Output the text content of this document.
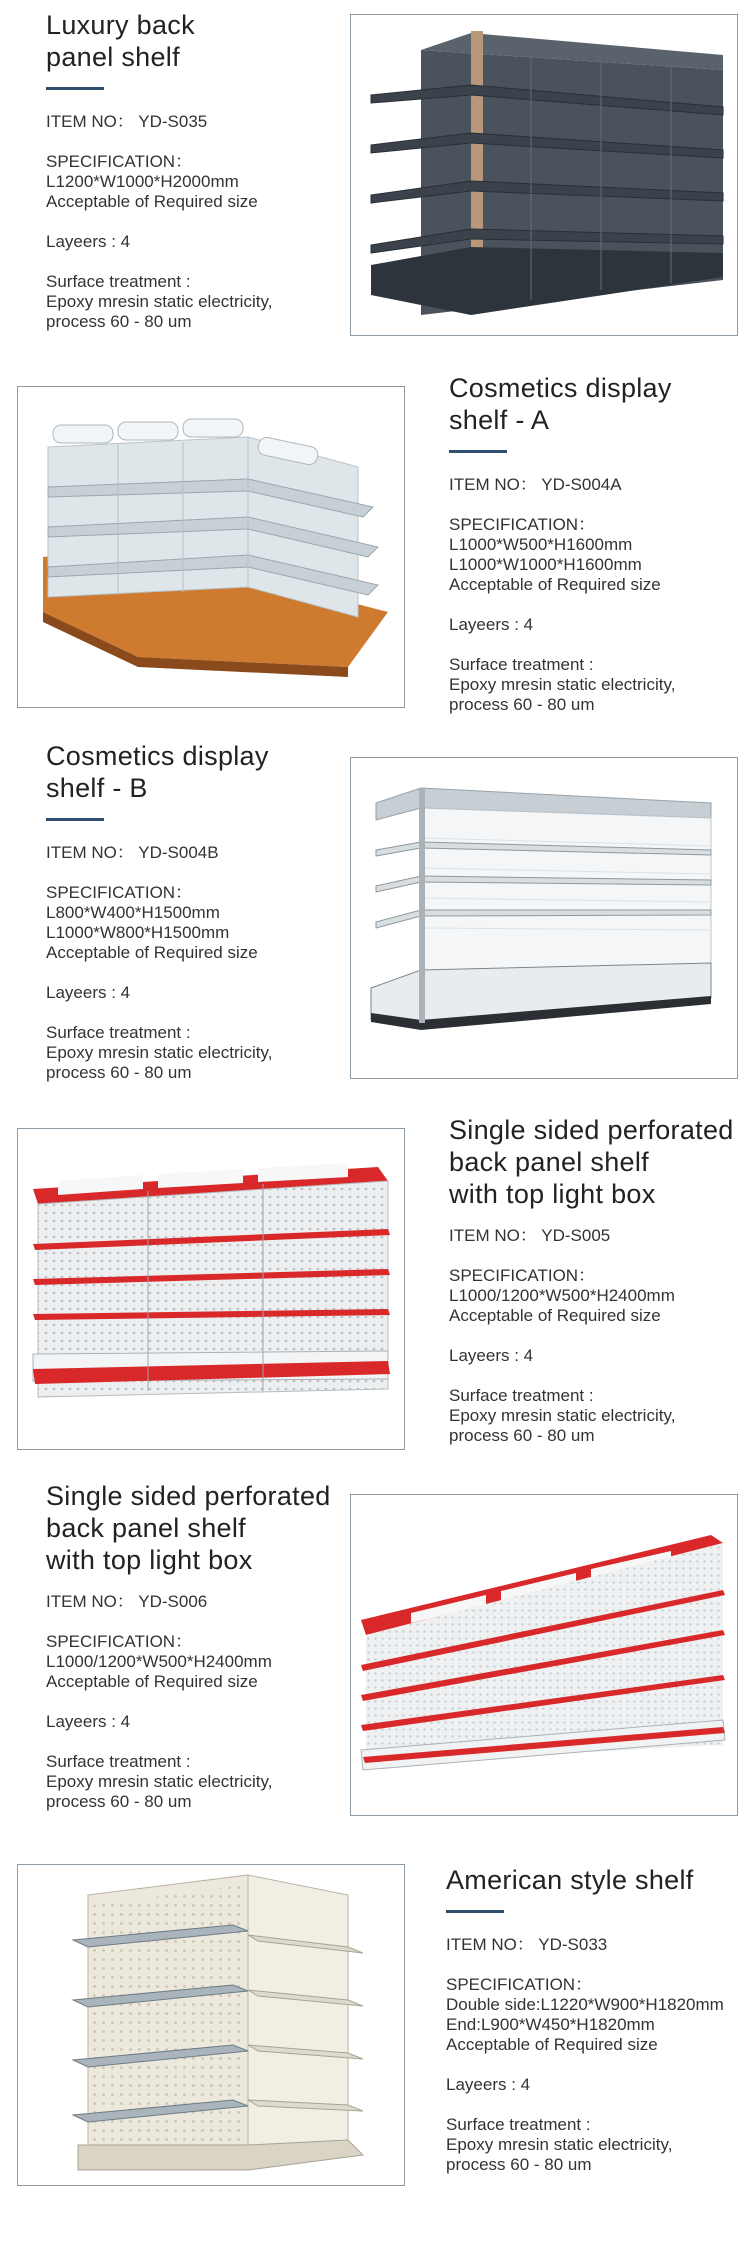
Luxury back
panel shelf
ITEM NO： YD-S035
SPECIFICATION：
L1200*W1000*H2000mm
Acceptable of Required size
Layeers : 4
Surface treatment :
Epoxy mresin static electricity,
process 60 - 80 um
Cosmetics display
shelf - A
ITEM NO： YD-S004A
SPECIFICATION：
L1000*W500*H1600mm
L1000*W1000*H1600mm
Acceptable of Required size
Layeers : 4
Surface treatment :
Epoxy mresin static electricity,
process 60 - 80 um
Cosmetics display
shelf - B
ITEM NO： YD-S004B
SPECIFICATION：
L800*W400*H1500mm
L1000*W800*H1500mm
Acceptable of Required size
Layeers : 4
Surface treatment :
Epoxy mresin static electricity,
process 60 - 80 um
Single sided perforated
back panel shelf
with top light box
ITEM NO： YD-S005
SPECIFICATION：
L1000/1200*W500*H2400mm
Acceptable of Required size
Layeers : 4
Surface treatment :
Epoxy mresin static electricity,
process 60 - 80 um
Single sided perforated
back panel shelf
with top light box
ITEM NO： YD-S006
SPECIFICATION：
L1000/1200*W500*H2400mm
Acceptable of Required size
Layeers : 4
Surface treatment :
Epoxy mresin static electricity,
process 60 - 80 um
American style shelf
ITEM NO： YD-S033
SPECIFICATION：
Double side:L1220*W900*H1820mm
End:L900*W450*H1820mm
Acceptable of Required size
Layeers : 4
Surface treatment :
Epoxy mresin static electricity,
process 60 - 80 um
